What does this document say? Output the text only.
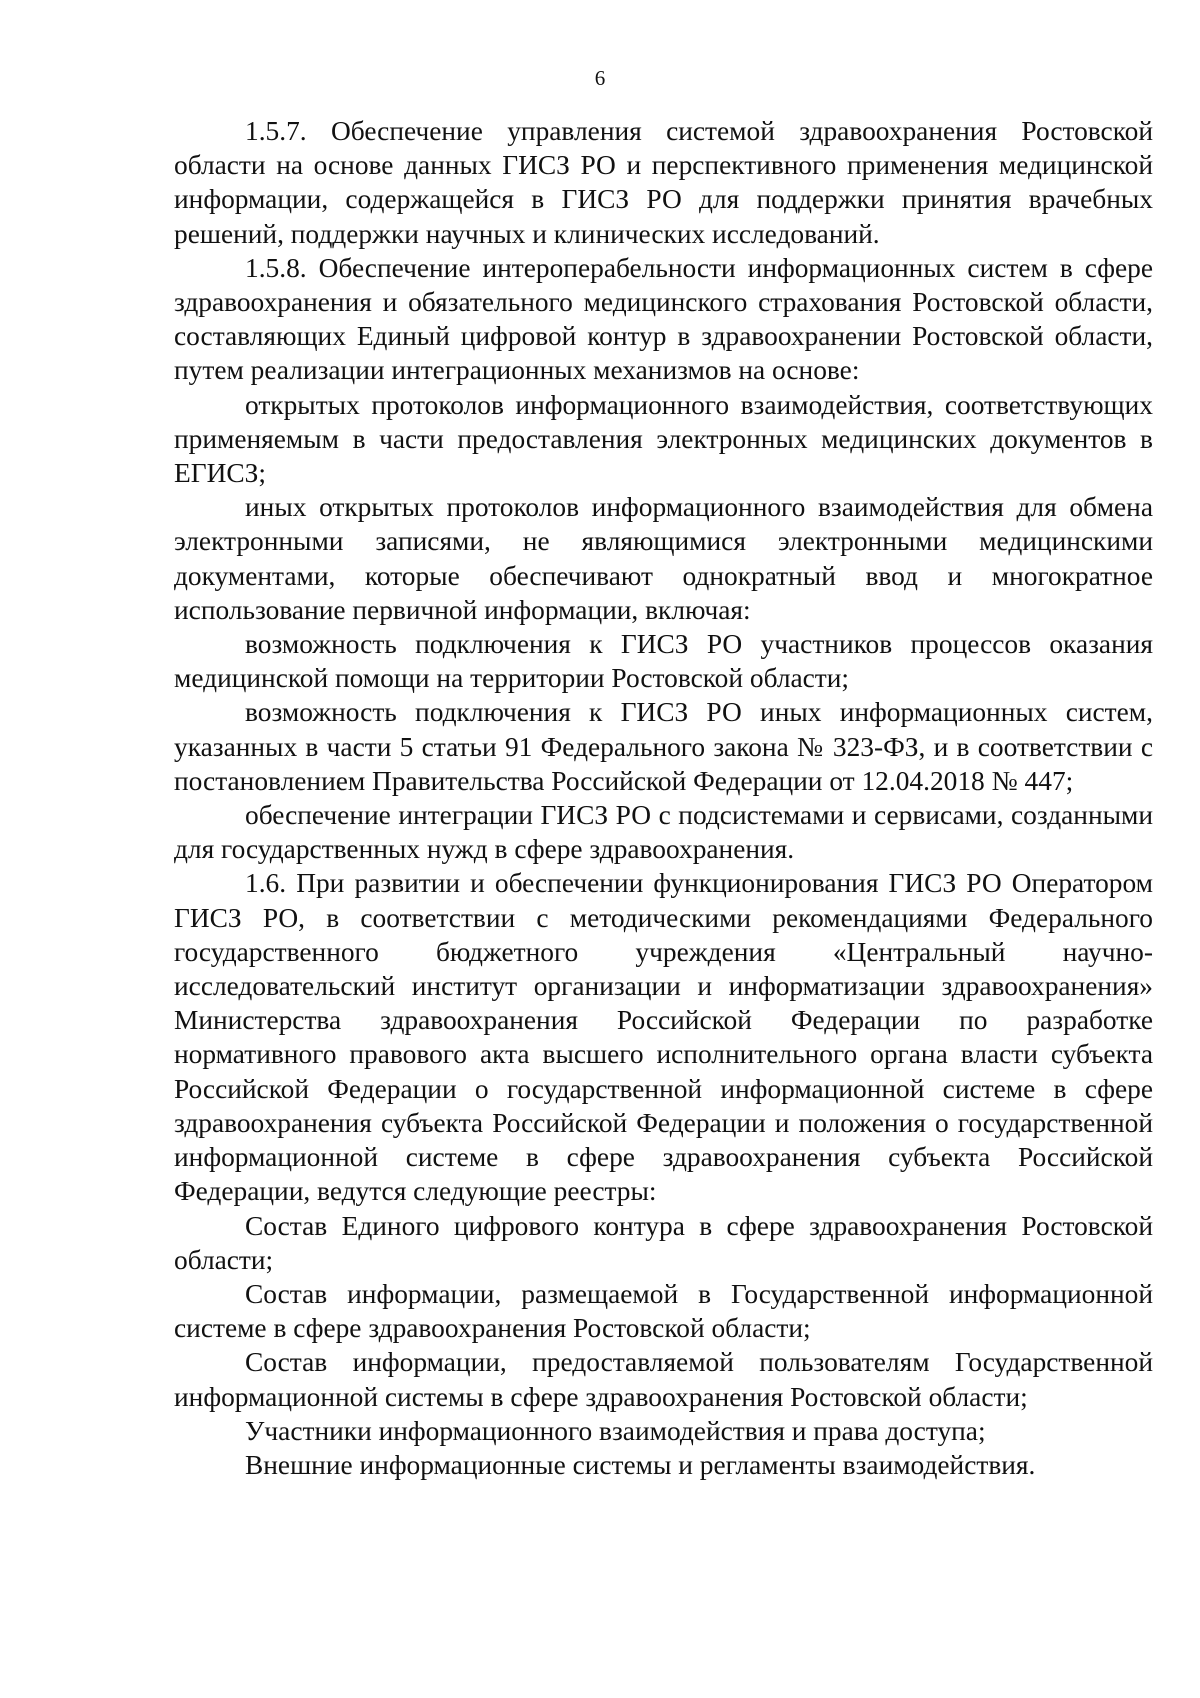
6

1.5.7. Обеспечение управления системой здравоохранения Ростовской области на основе данных ГИСЗ РО и перспективного применения медицинской информации, содержащейся в ГИСЗ РО для поддержки принятия врачебных решений, поддержки научных и клинических исследований.

1.5.8. Обеспечение интероперабельности информационных систем в сфере здравоохранения и обязательного медицинского страхования Ростовской области, составляющих Единый цифровой контур в здравоохранении Ростовской области, путем реализации интеграционных механизмов на основе:

открытых протоколов информационного взаимодействия, соответствующих применяемым в части предоставления электронных медицинских документов в ЕГИСЗ;

иных открытых протоколов информационного взаимодействия для обмена электронными записями, не являющимися электронными медицинскими документами, которые обеспечивают однократный ввод и многократное использование первичной информации, включая:

возможность подключения к ГИСЗ РО участников процессов оказания медицинской помощи на территории Ростовской области;

возможность подключения к ГИСЗ РО иных информационных систем, указанных в части 5 статьи 91 Федерального закона № 323-ФЗ, и в соответствии с постановлением Правительства Российской Федерации от 12.04.2018 № 447;

обеспечение интеграции ГИСЗ РО с подсистемами и сервисами, созданными для государственных нужд в сфере здравоохранения.

1.6. При развитии и обеспечении функционирования ГИСЗ РО Оператором ГИСЗ РО, в соответствии с методическими рекомендациями Федерального государственного бюджетного учреждения «Центральный научно-исследовательский институт организации и информатизации здравоохранения» Министерства здравоохранения Российской Федерации по разработке нормативного правового акта высшего исполнительного органа власти субъекта Российской Федерации о государственной информационной системе в сфере здравоохранения субъекта Российской Федерации и положения о государственной информационной системе в сфере здравоохранения субъекта Российской Федерации, ведутся следующие реестры:

Состав Единого цифрового контура в сфере здравоохранения Ростовской области;

Состав информации, размещаемой в Государственной информационной системе в сфере здравоохранения Ростовской области;

Состав информации, предоставляемой пользователям Государственной информационной системы в сфере здравоохранения Ростовской области;

Участники информационного взаимодействия и права доступа;

Внешние информационные системы и регламенты взаимодействия.
